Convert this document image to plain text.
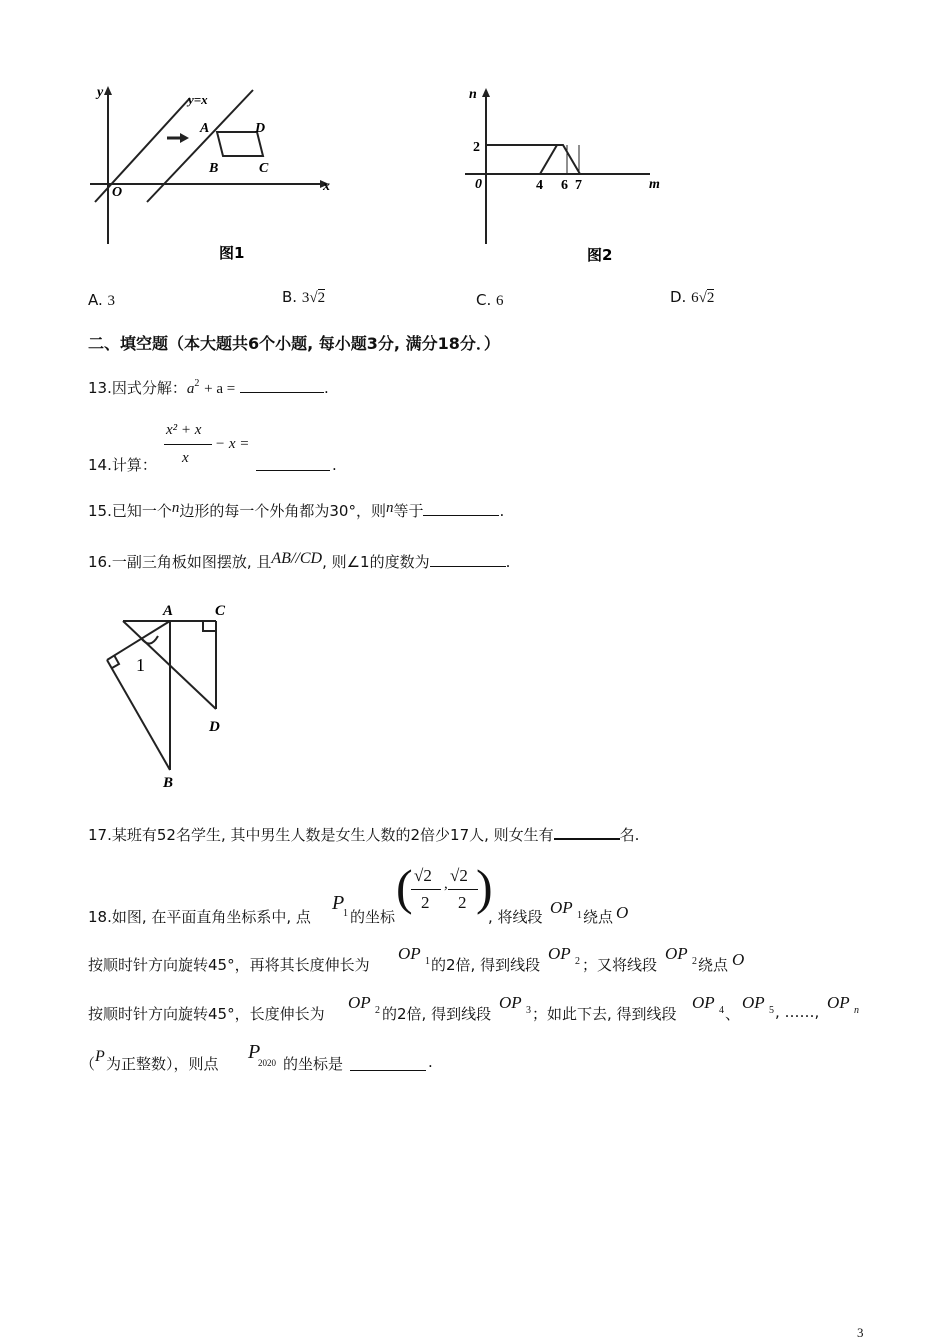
y
x
O
y=x
A	D
B	C
图1
n
m
0
2
4 6 7
图2
A. 3	B. 3√2	C. 6	D. 6√2
二、填空题（本大题共6个小题, 每小题3分, 满分18分．）
13.因式分解：$a^2 + a$ =	.
14.计算：
x² + x
x
− x =
.
15.已知一个n边形的每一个外角都为30°，则n等于	.
16.一副三角板如图摆放, 且AB//CD, 则∠1的度数为	.
A	C
D
B
1
17.某班有52名学生, 其中男生人数是女生人数的2倍少17人, 则女生有	名.
18.如图, 在平面直角坐标系中, 点
P
1 的坐标
( √2
2
, √2
2 )
, 将线段 OP 1 绕点 O
按顺时针方向旋转45°，再将其长度伸长为
OP 1 的2倍, 得到线段
OP 2 ；又将线段
OP 2 绕点 O
按顺时针方向旋转45°，长度伸长为
OP 2 的2倍, 得到线段
OP 3 ；如此下去, 得到线段
OP 4 、
OP 5 , ……, OP n
（ P 为正整数），则点
P
2020 的坐标是	.
3
